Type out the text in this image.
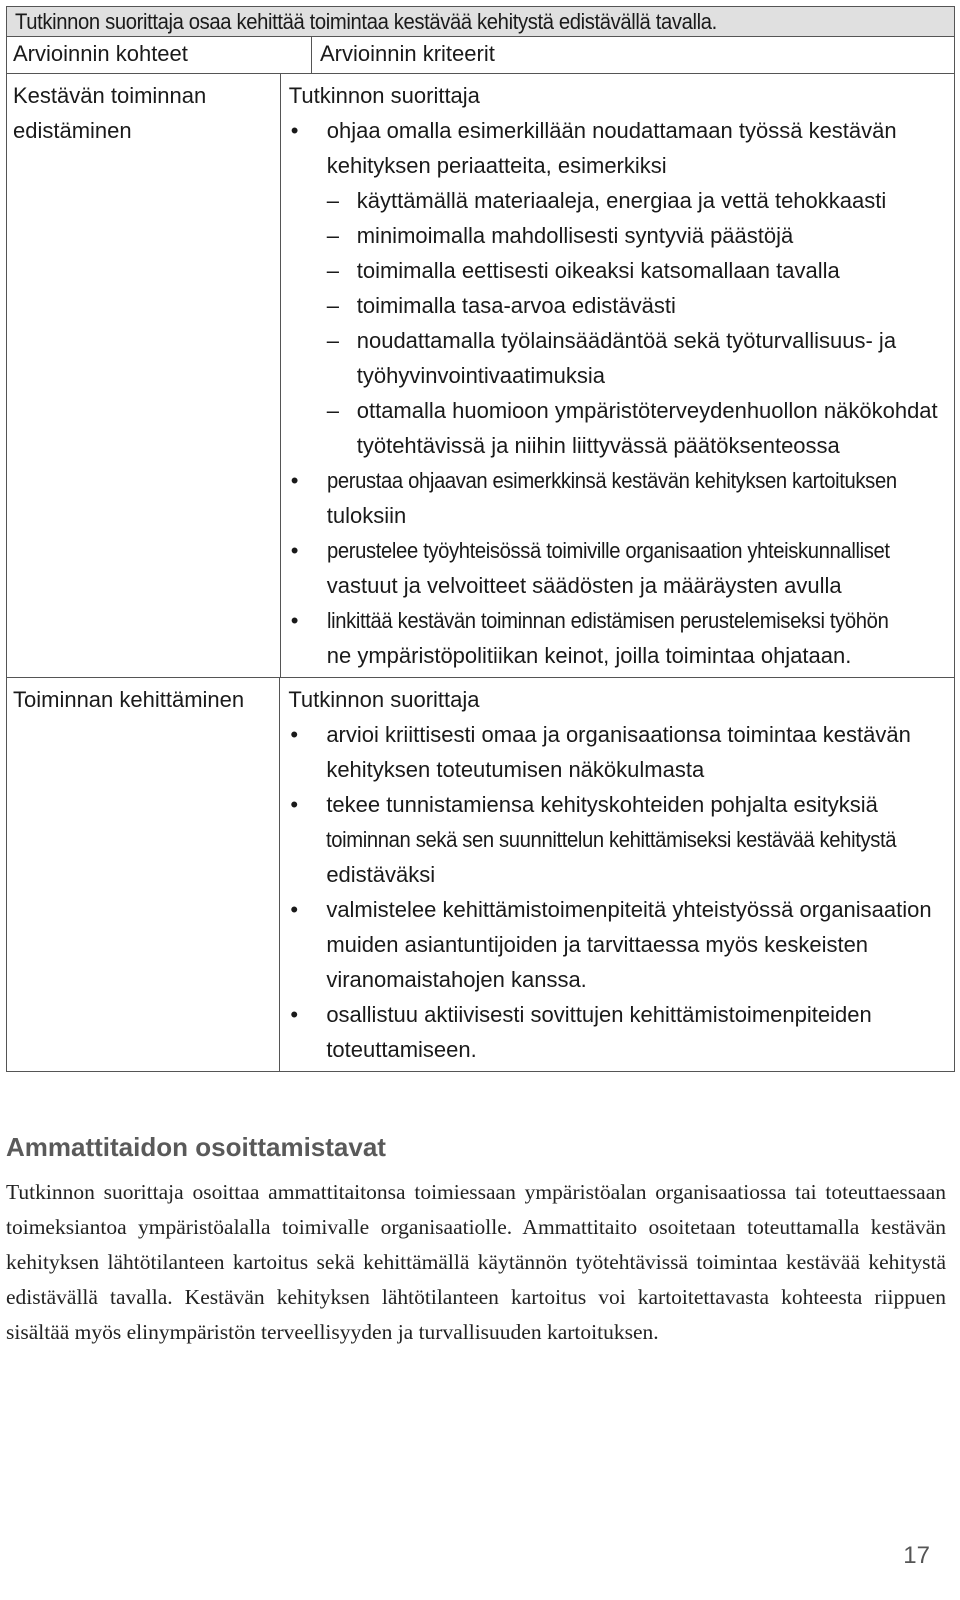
Tutkinnon suorittaja osaa kehittää toimintaa kestävää kehitystä edistävällä tavalla.
Arvioinnin kohteet	Arvioinnin kriteerit
Kestävän toiminnan edistäminen
Tutkinnon suorittaja
• ohjaa omalla esimerkillään noudattamaan työssä kestävän
kehityksen periaatteita, esimerkiksi
– käyttämällä materiaaleja, energiaa ja vettä tehokkaasti
– minimoimalla mahdollisesti syntyviä päästöjä
– toimimalla eettisesti oikeaksi katsomallaan tavalla
– toimimalla tasa-arvoa edistävästi
– noudattamalla työlainsäädäntöä sekä työturvallisuus- ja
työhyvinvointivaatimuksia
– ottamalla huomioon ympäristöterveydenhuollon näkökohdat
työtehtävissä ja niihin liittyvässä päätöksenteossa
• perustaa ohjaavan esimerkkinsä kestävän kehityksen kartoituksen
tuloksiin
• perustelee työyhteisössä toimiville organisaation yhteiskunnalliset
vastuut ja velvoitteet säädösten ja määräysten avulla
• linkittää kestävän toiminnan edistämisen perustelemiseksi työhön
ne ympäristöpolitiikan keinot, joilla toimintaa ohjataan.
Toiminnan kehittäminen	Tutkinnon suorittaja
• arvioi kriittisesti omaa ja organisaationsa toimintaa kestävän
kehityksen toteutumisen näkökulmasta
• tekee tunnistamiensa kehityskohteiden pohjalta esityksiä
toiminnan sekä sen suunnittelun kehittämiseksi kestävää kehitystä
edistäväksi
• valmistelee kehittämistoimenpiteitä yhteistyössä organisaation
muiden asiantuntijoiden ja tarvittaessa myös keskeisten
viranomaistahojen kanssa.
• osallistuu aktiivisesti sovittujen kehittämistoimenpiteiden
toteuttamiseen.
Ammattitaidon osoittamistavat
Tutkinnon suorittaja osoittaa ammattitaitonsa toimiessaan ympäristöalan organisaatiossa tai toteuttaessaan toimeksiantoa ympäristöalalla toimivalle organisaatiolle. Ammattitaito osoitetaan toteuttamalla kestävän kehityksen lähtötilanteen kartoitus sekä kehittämällä käytännön työtehtävissä toimintaa kestävää kehitystä edistävällä tavalla. Kestävän kehityksen lähtötilanteen kartoitus voi kartoitettavasta kohteesta riippuen sisältää myös elinympäristön terveellisyyden ja turvallisuuden kartoituksen.
17
